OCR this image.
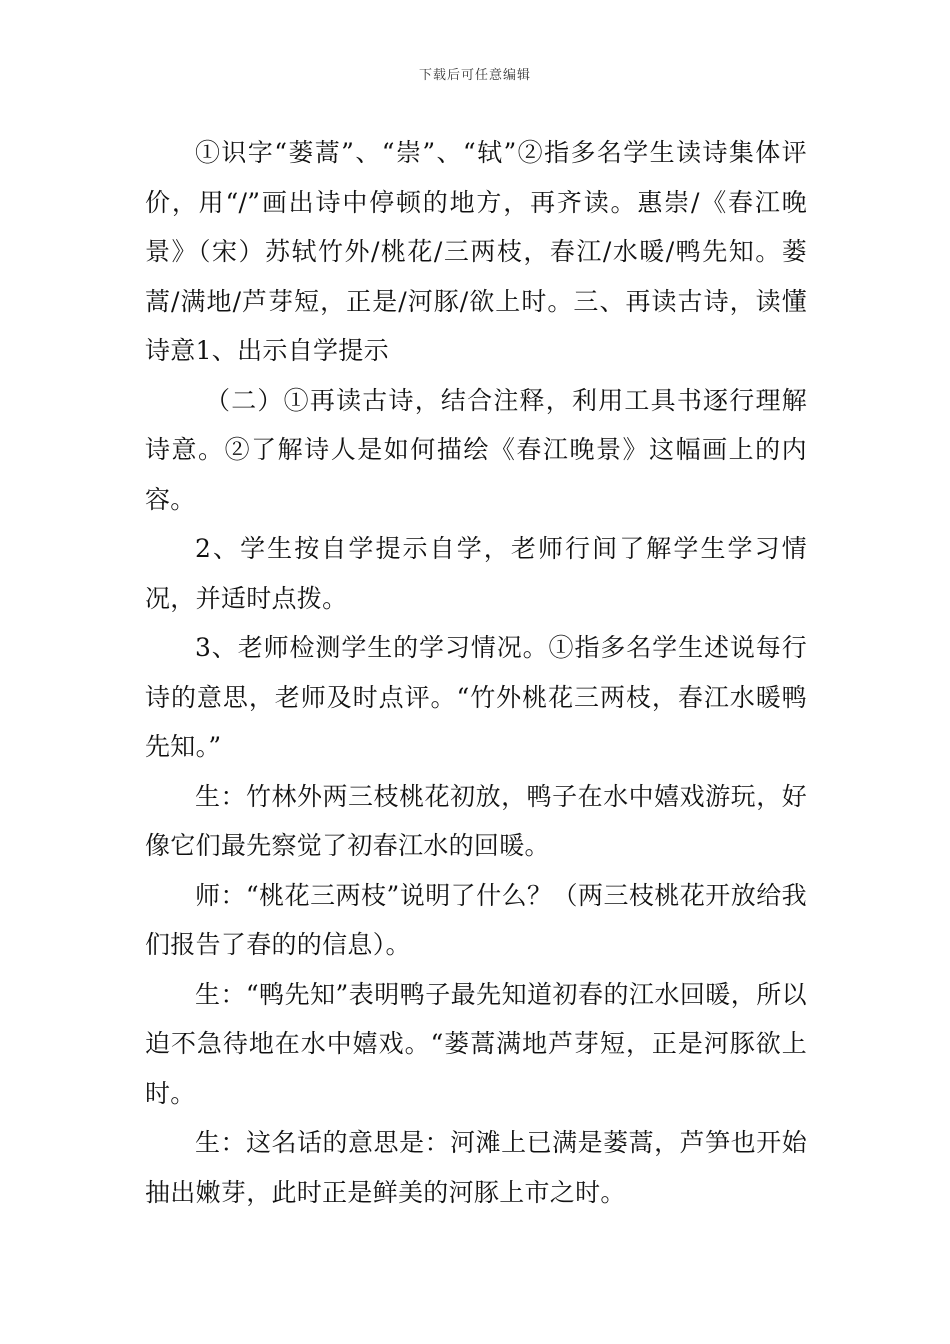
下载后可任意编辑

①识字“蒌蒿”、“崇”、“轼”②指多名学生读诗集体评价，用“/”画出诗中停顿的地方，再齐读。惠崇/《春江晚景》（宋）苏轼竹外/桃花/三两枝，春江/水暖/鸭先知。蒌蒿/满地/芦芽短，正是/河豚/欲上时。三、再读古诗，读懂诗意1、出示自学提示

（二）①再读古诗，结合注释，利用工具书逐行理解诗意。②了解诗人是如何描绘《春江晚景》这幅画上的内容。

2、学生按自学提示自学，老师行间了解学生学习情况，并适时点拨。

3、老师检测学生的学习情况。①指多名学生述说每行诗的意思，老师及时点评。“竹外桃花三两枝，春江水暖鸭先知。”

生：竹林外两三枝桃花初放，鸭子在水中嬉戏游玩，好像它们最先察觉了初春江水的回暖。

师：“桃花三两枝”说明了什么？（两三枝桃花开放给我们报告了春的的信息）。

生：“鸭先知”表明鸭子最先知道初春的江水回暖，所以迫不急待地在水中嬉戏。“蒌蒿满地芦芽短，正是河豚欲上时。

生：这名话的意思是：河滩上已满是蒌蒿，芦笋也开始抽出嫩芽，此时正是鲜美的河豚上市之时。
